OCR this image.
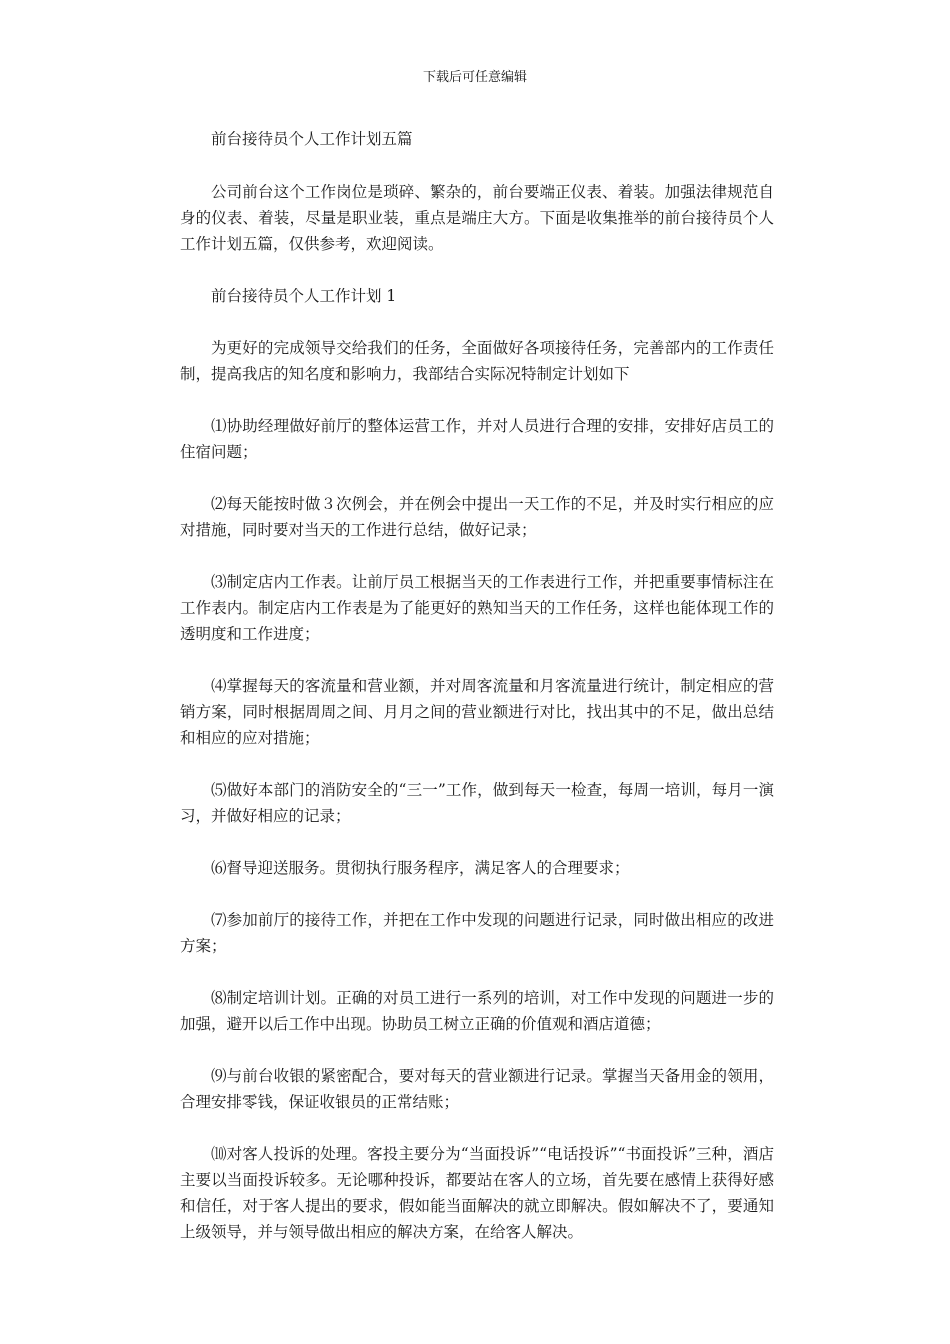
下载后可任意编辑

前台接待员个人工作计划五篇

公司前台这个工作岗位是琐碎、繁杂的，前台要端正仪表、着装。加强法律规范自身的仪表、着装，尽量是职业装，重点是端庄大方。下面是收集推举的前台接待员个人工作计划五篇，仅供参考，欢迎阅读。

前台接待员个人工作计划 1

为更好的完成领导交给我们的任务，全面做好各项接待任务，完善部内的工作责任制，提高我店的知名度和影响力，我部结合实际况特制定计划如下

⑴协助经理做好前厅的整体运营工作，并对人员进行合理的安排，安排好店员工的住宿问题；

⑵每天能按时做３次例会，并在例会中提出一天工作的不足，并及时实行相应的应对措施，同时要对当天的工作进行总结，做好记录；

⑶制定店内工作表。让前厅员工根据当天的工作表进行工作，并把重要事情标注在工作表内。制定店内工作表是为了能更好的熟知当天的工作任务，这样也能体现工作的透明度和工作进度；

⑷掌握每天的客流量和营业额，并对周客流量和月客流量进行统计，制定相应的营销方案，同时根据周周之间、月月之间的营业额进行对比，找出其中的不足，做出总结和相应的应对措施；

⑸做好本部门的消防安全的“三一”工作，做到每天一检查，每周一培训，每月一演习，并做好相应的记录；

⑹督导迎送服务。贯彻执行服务程序，满足客人的合理要求；

⑺参加前厅的接待工作，并把在工作中发现的问题进行记录，同时做出相应的改进方案；

⑻制定培训计划。正确的对员工进行一系列的培训，对工作中发现的问题进一步的加强，避开以后工作中出现。协助员工树立正确的价值观和酒店道德；

⑼与前台收银的紧密配合，要对每天的营业额进行记录。掌握当天备用金的领用，合理安排零钱，保证收银员的正常结账；

⑽对客人投诉的处理。客投主要分为“当面投诉”“电话投诉”“书面投诉”三种，酒店主要以当面投诉较多。无论哪种投诉，都要站在客人的立场，首先要在感情上获得好感和信任，对于客人提出的要求，假如能当面解决的就立即解决。假如解决不了，要通知上级领导，并与领导做出相应的解决方案，在给客人解决。
